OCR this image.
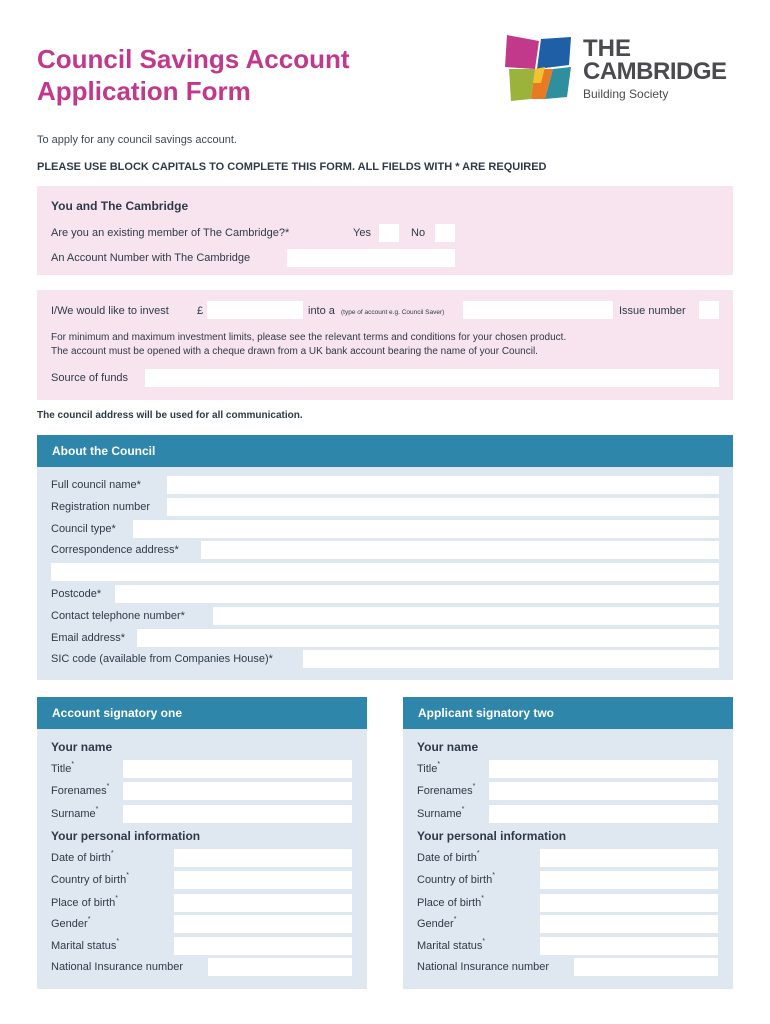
Council Savings Account
Application Form
THE
CAMBRIDGE
Building Society
To apply for any council savings account.
PLEASE USE BLOCK CAPITALS TO COMPLETE THIS FORM. ALL FIELDS WITH * ARE REQUIRED
You and The Cambridge
Are you an existing member of The Cambridge?*	Yes	No
An Account Number with The Cambridge
I/We would like to invest	£	into a (type of account e.g. Council Saver)	Issue number
For minimum and maximum investment limits, please see the relevant terms and conditions for your chosen product.
The account must be opened with a cheque drawn from a UK bank account bearing the name of your Council.
Source of funds
The council address will be used for all communication.
About the Council
Full council name*
Registration number
Council type*
Correspondence address*
Postcode*
Contact telephone number*
Email address*
SIC code (available from Companies House)*
Account signatory one
Your name
Title*
Forenames*
Surname*
Your personal information
Date of birth*
Country of birth*
Place of birth*
Gender*
Marital status*
National Insurance number
Applicant signatory two
Your name
Title*
Forenames*
Surname*
Your personal information
Date of birth*
Country of birth*
Place of birth*
Gender*
Marital status*
National Insurance number
